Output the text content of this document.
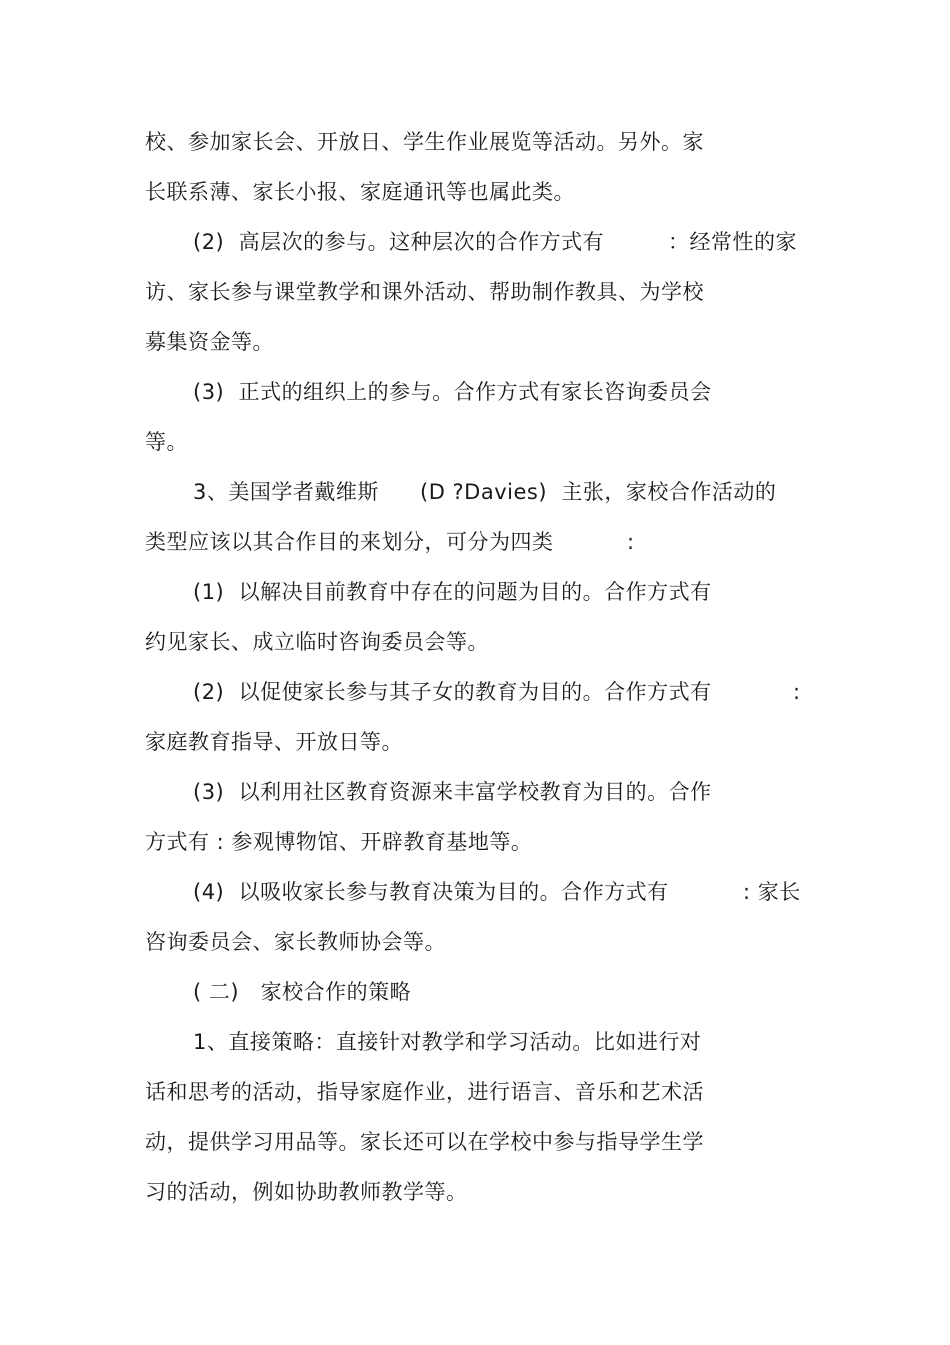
校、参加家长会、开放日、学生作业展览等活动。另外。家
长联系薄、家长小报、家庭通讯等也属此类。
(2)  高层次的参与。这种层次的合作方式有	：经常性的家
访、家长参与课堂教学和课外活动、帮助制作教具、为学校
募集资金等。
(3)  正式的组织上的参与。合作方式有家长咨询委员会
等。
3、美国学者戴维斯 (D ?Davies)  主张，家校合作活动的
类型应该以其合作目的来划分，可分为四类	:
(1)  以解决目前教育中存在的问题为目的。合作方式有
约见家长、成立临时咨询委员会等。
(2)  以促使家长参与其子女的教育为目的。合作方式有	:
家庭教育指导、开放日等。
(3)  以利用社区教育资源来丰富学校教育为目的。合作
方式有 : 参观博物馆、开辟教育基地等。
(4)  以吸收家长参与教育决策为目的。合作方式有	: 家长
咨询委员会、家长教师协会等。
( 二)   家校合作的策略
1、直接策略：直接针对教学和学习活动。比如进行对
话和思考的活动，指导家庭作业，进行语言、音乐和艺术活
动，提供学习用品等。家长还可以在学校中参与指导学生学
习的活动，例如协助教师教学等。
